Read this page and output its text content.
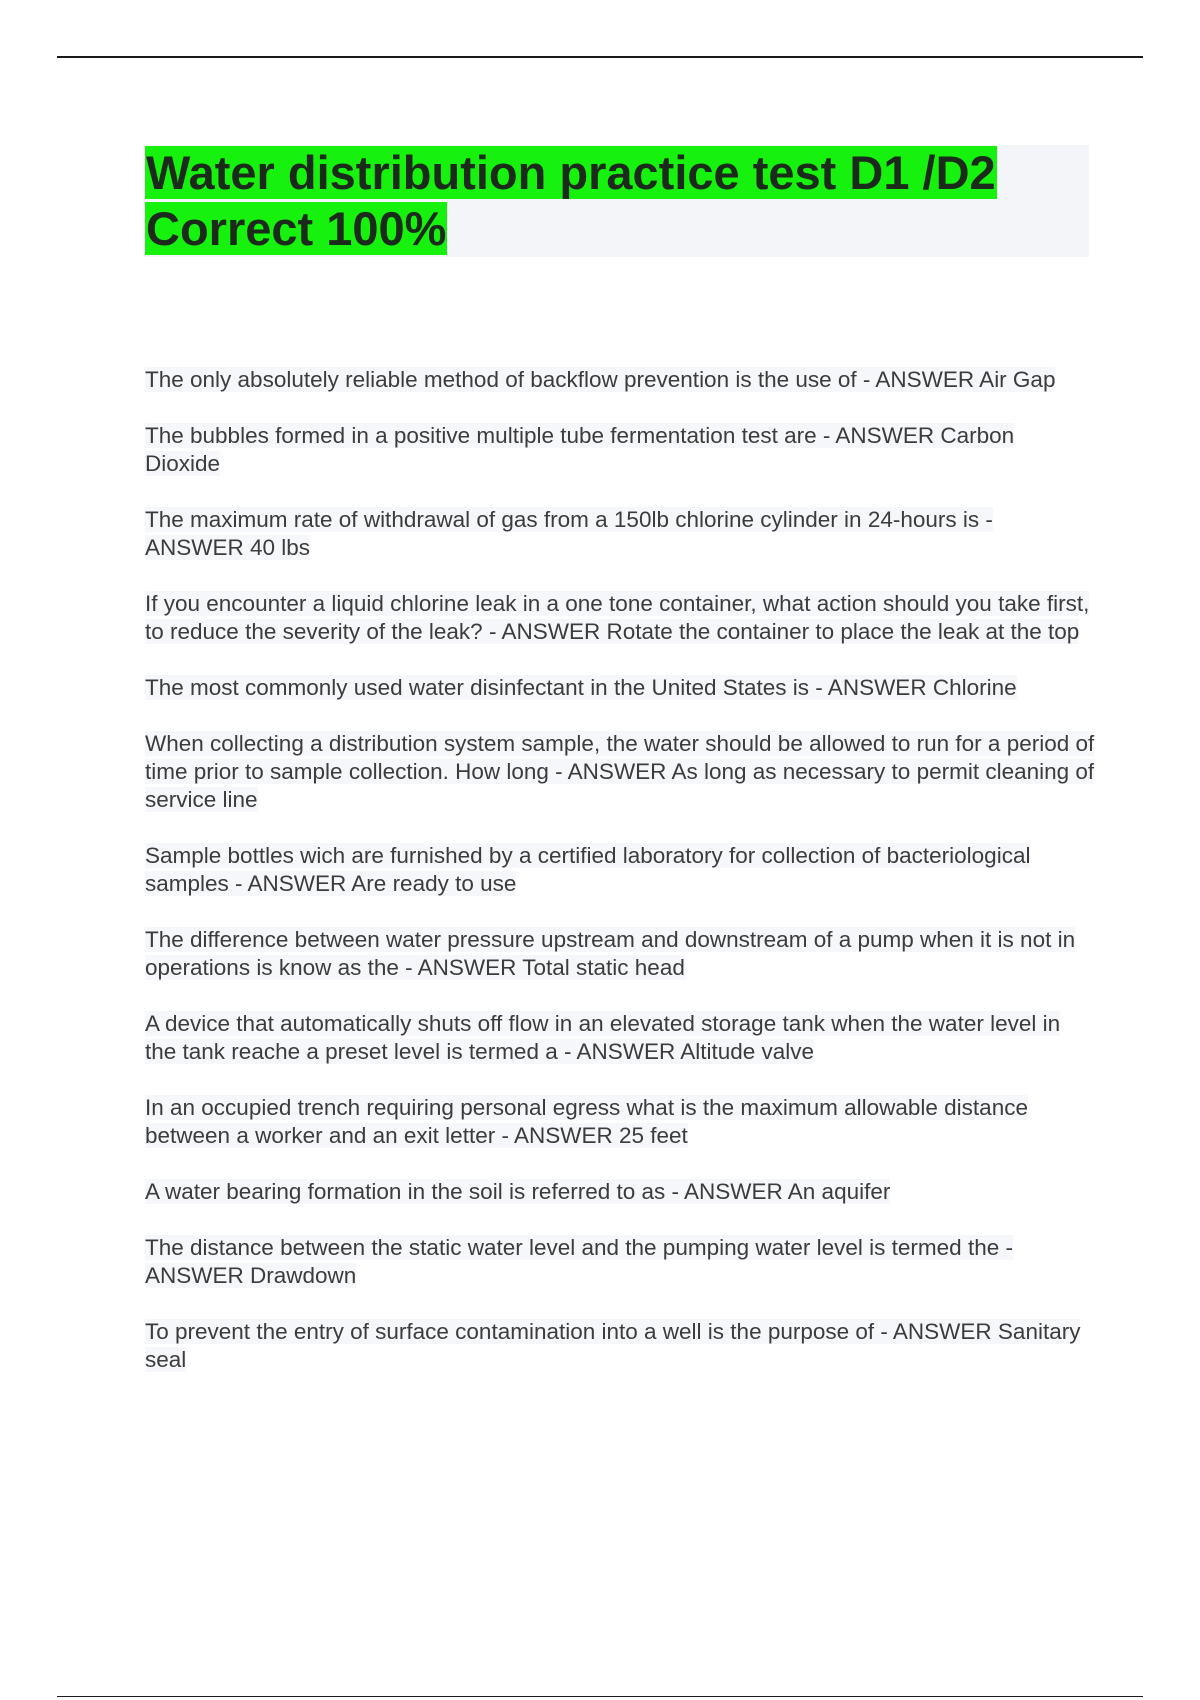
Water distribution practice test D1 /D2 Correct 100%
The only absolutely reliable method of backflow prevention is the use of - ANSWER Air Gap
The bubbles formed in a positive multiple tube fermentation test are - ANSWER Carbon Dioxide
The maximum rate of withdrawal of gas from a 150lb chlorine cylinder in 24-hours is - ANSWER 40 lbs
If you encounter a liquid chlorine leak in a one tone container, what action should you take first, to reduce the severity of the leak? - ANSWER Rotate the container to place the leak at the top
The most commonly used water disinfectant in the United States is - ANSWER Chlorine
When collecting a distribution system sample, the water should be allowed to run for a period of time prior to sample collection. How long - ANSWER As long as necessary to permit cleaning of service line
Sample bottles wich are furnished by a certified laboratory for collection of bacteriological samples - ANSWER Are ready to use
The difference between water pressure upstream and downstream of a pump when it is not in operations is know as the - ANSWER Total static head
A device that automatically shuts off flow in an elevated storage tank when the water level in the tank reache a preset level is termed a - ANSWER Altitude valve
In an occupied trench requiring personal egress what is the maximum allowable distance between a worker and an exit letter - ANSWER 25 feet
A water bearing formation in the soil is referred to as - ANSWER An aquifer
The distance between the static water level and the pumping water level is termed the - ANSWER Drawdown
To prevent the entry of surface contamination into a well is the purpose of - ANSWER Sanitary seal
